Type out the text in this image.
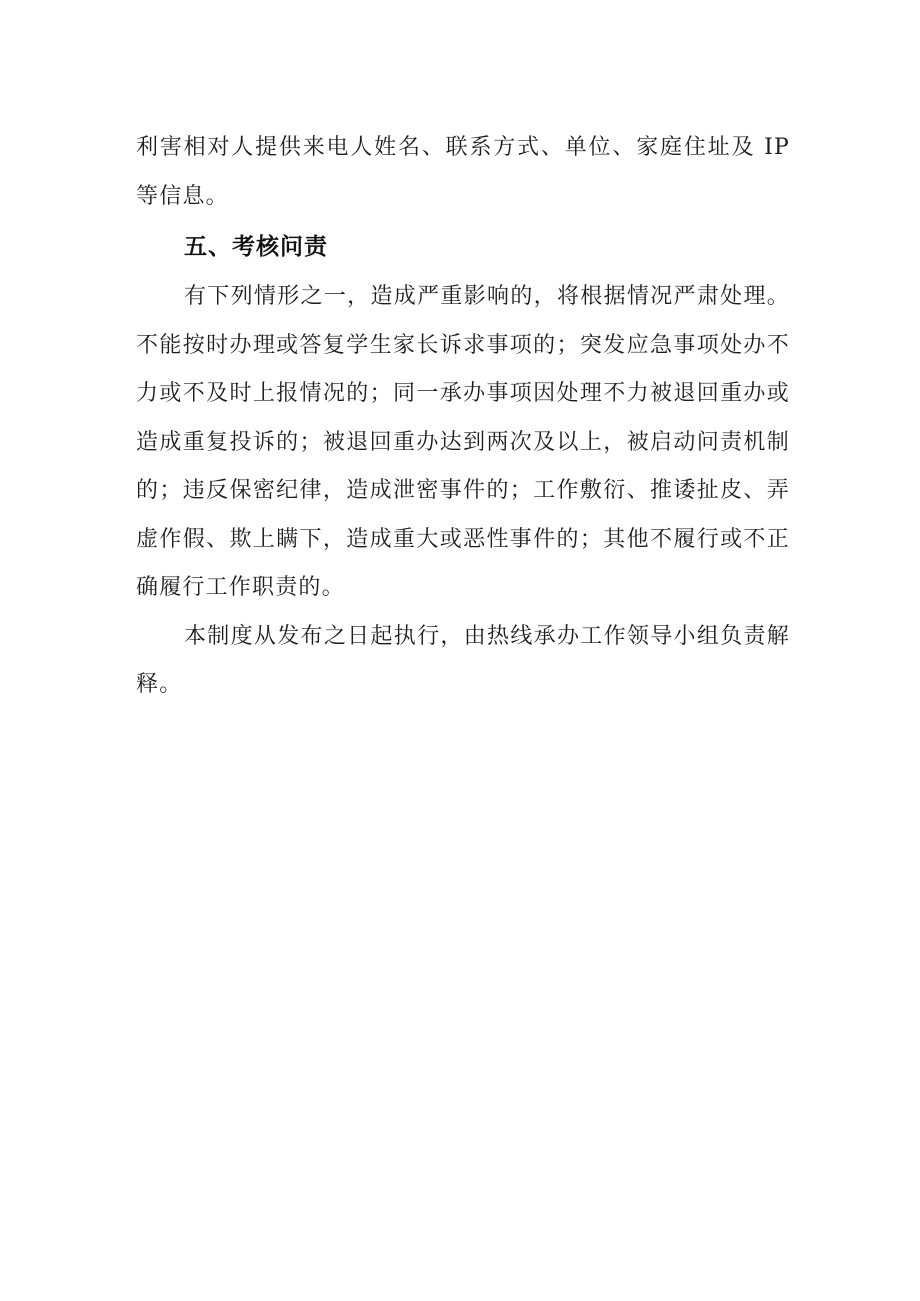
利害相对人提供来电人姓名、联系方式、单位、家庭住址及 IP 等信息。

五、考核问责

有下列情形之一，造成严重影响的，将根据情况严肃处理。不能按时办理或答复学生家长诉求事项的；突发应急事项处办不力或不及时上报情况的；同一承办事项因处理不力被退回重办或造成重复投诉的；被退回重办达到两次及以上，被启动问责机制的；违反保密纪律，造成泄密事件的；工作敷衍、推诿扯皮、弄虚作假、欺上瞒下，造成重大或恶性事件的；其他不履行或不正确履行工作职责的。

本制度从发布之日起执行，由热线承办工作领导小组负责解释。
